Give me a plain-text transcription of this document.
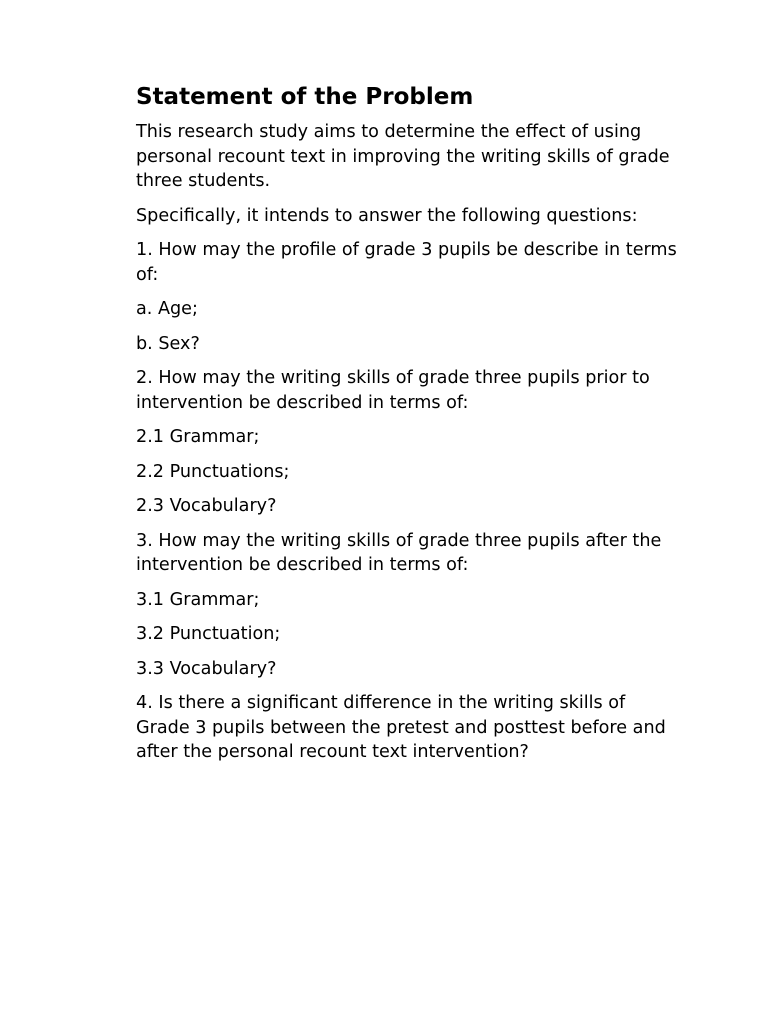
Statement of the Problem

This research study aims to determine the effect of using personal recount text in improving the writing skills of grade three students.

Specifically, it intends to answer the following questions:

1. How may the profile of grade 3 pupils be describe in terms of:

a. Age;

b. Sex?

2. How may the writing skills of grade three pupils prior to intervention be described in terms of:

2.1 Grammar;

2.2 Punctuations;

2.3 Vocabulary?

3. How may the writing skills of grade three pupils after the intervention be described in terms of:

3.1 Grammar;

3.2 Punctuation;

3.3 Vocabulary?

4. Is there a significant difference in the writing skills of Grade 3 pupils between the pretest and posttest before and after the personal recount text intervention?
